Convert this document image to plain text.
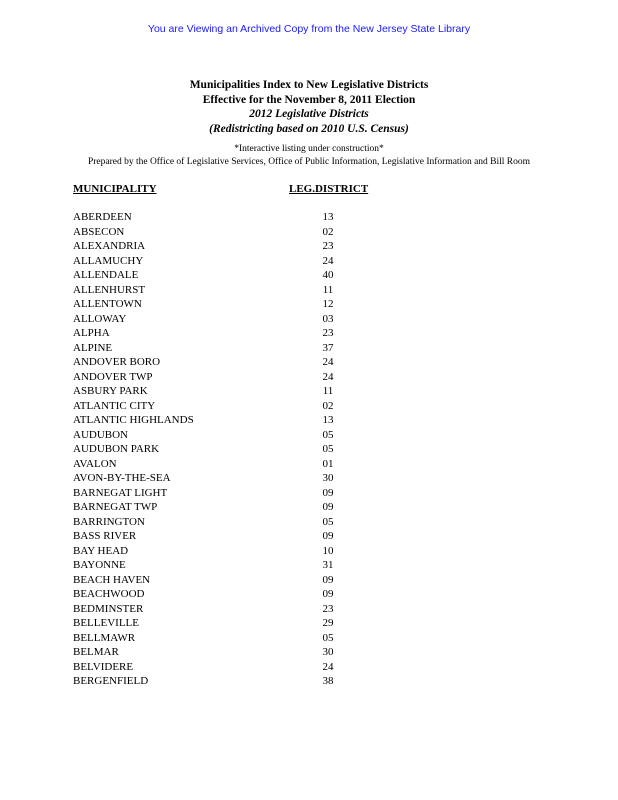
You are Viewing an Archived Copy from the New Jersey State Library
Municipalities Index to New Legislative Districts
Effective for the November 8, 2011 Election
2012 Legislative Districts
(Redistricting based on 2010 U.S. Census)
*Interactive listing under construction*
Prepared by the Office of Legislative Services, Office of Public Information, Legislative Information and Bill Room
MUNICIPALITY	LEG.DISTRICT
ABERDEEN	13
ABSECON	02
ALEXANDRIA	23
ALLAMUCHY	24
ALLENDALE	40
ALLENHURST	11
ALLENTOWN	12
ALLOWAY	03
ALPHA	23
ALPINE	37
ANDOVER BORO	24
ANDOVER TWP	24
ASBURY PARK	11
ATLANTIC CITY	02
ATLANTIC HIGHLANDS	13
AUDUBON	05
AUDUBON PARK	05
AVALON	01
AVON-BY-THE-SEA	30
BARNEGAT LIGHT	09
BARNEGAT TWP	09
BARRINGTON	05
BASS RIVER	09
BAY HEAD	10
BAYONNE	31
BEACH HAVEN	09
BEACHWOOD	09
BEDMINSTER	23
BELLEVILLE	29
BELLMAWR	05
BELMAR	30
BELVIDERE	24
BERGENFIELD	38
